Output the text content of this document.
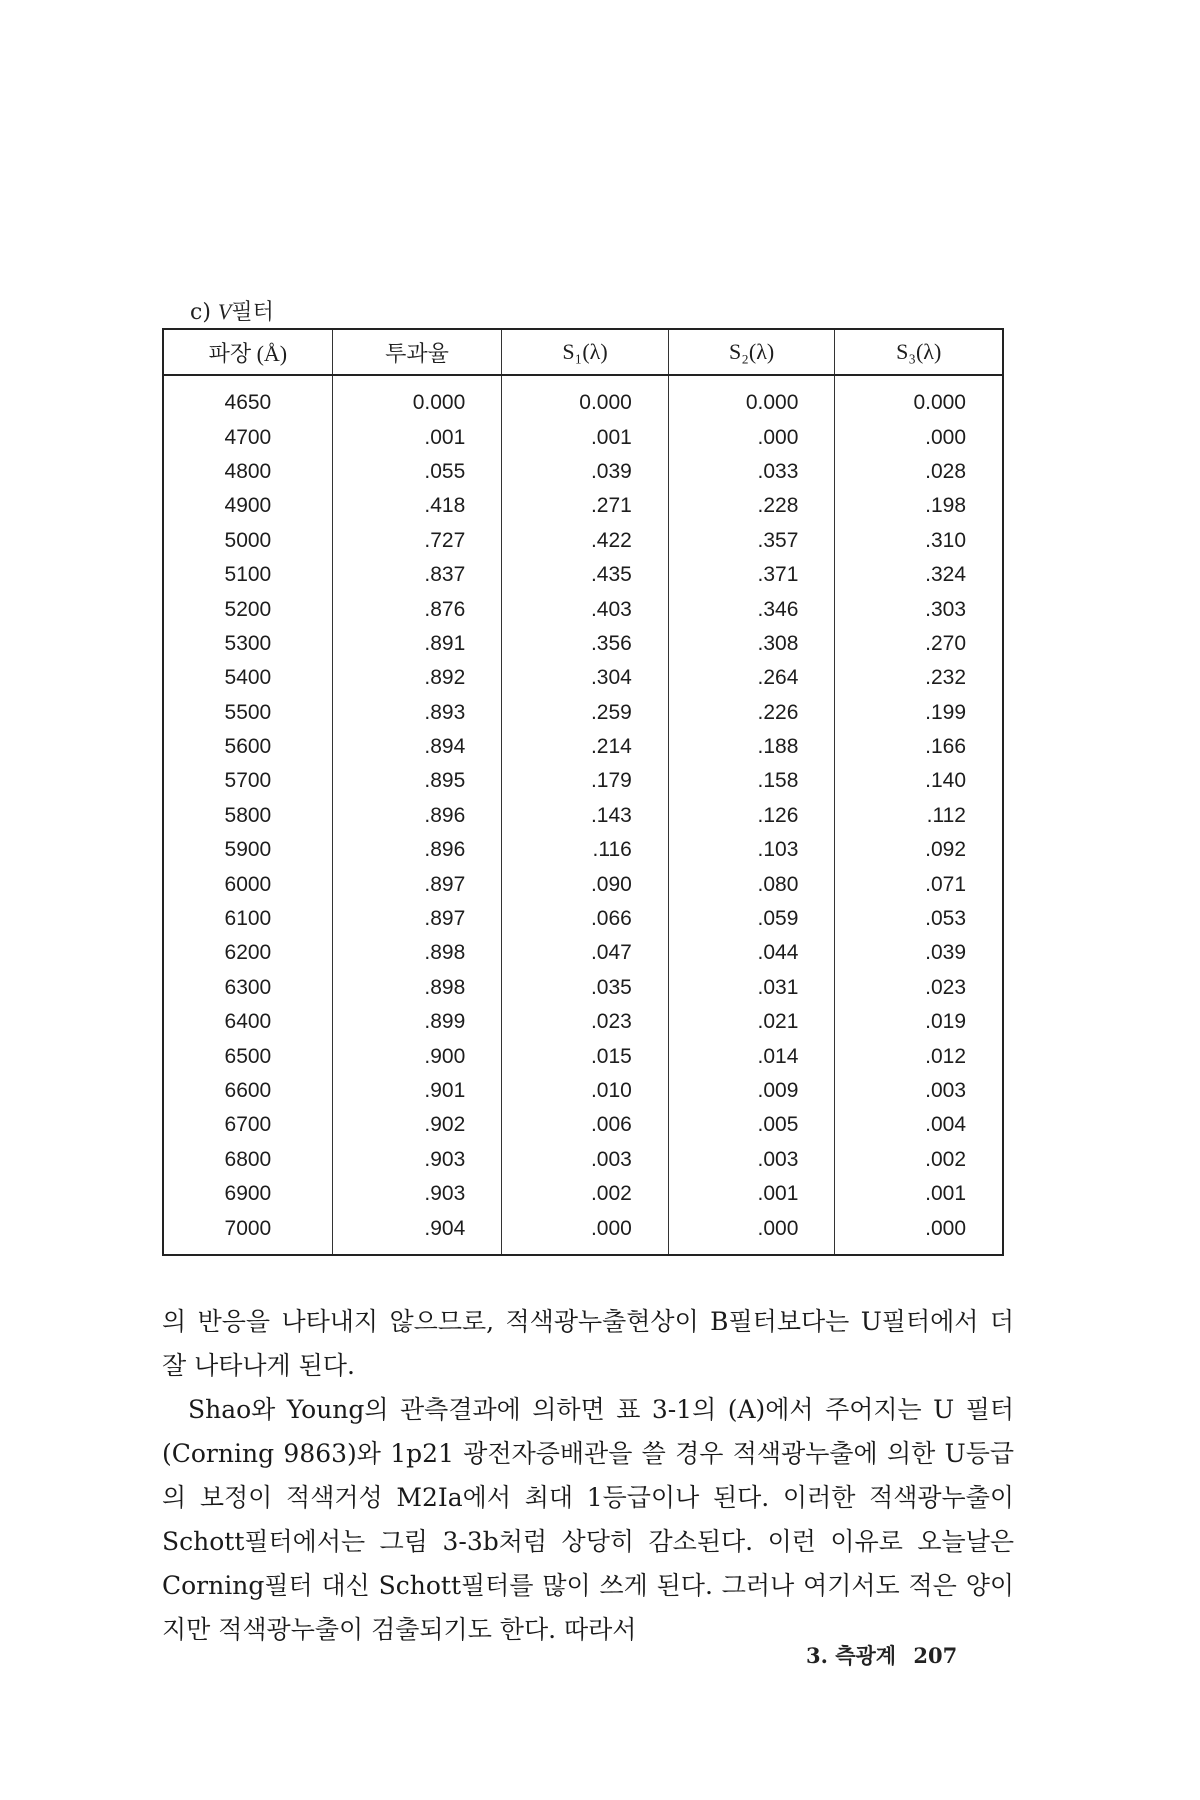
c) V필터
파장 (Å)	투과율	S₁(λ)	S₂(λ)	S₃(λ)
4650	0.000	0.000	0.000	0.000
4700	.001	.001	.000	.000
4800	.055	.039	.033	.028
4900	.418	.271	.228	.198
5000	.727	.422	.357	.310
5100	.837	.435	.371	.324
5200	.876	.403	.346	.303
5300	.891	.356	.308	.270
5400	.892	.304	.264	.232
5500	.893	.259	.226	.199
5600	.894	.214	.188	.166
5700	.895	.179	.158	.140
5800	.896	.143	.126	.112
5900	.896	.116	.103	.092
6000	.897	.090	.080	.071
6100	.897	.066	.059	.053
6200	.898	.047	.044	.039
6300	.898	.035	.031	.023
6400	.899	.023	.021	.019
6500	.900	.015	.014	.012
6600	.901	.010	.009	.003
6700	.902	.006	.005	.004
6800	.903	.003	.003	.002
6900	.903	.002	.001	.001
7000	.904	.000	.000	.000

의 반응을 나타내지 않으므로, 적색광누출현상이 B필터보다는 U필터에서 더 잘 나타나게 된다.

Shao와 Young의 관측결과에 의하면 표 3-1의 (A)에서 주어지는 U 필터(Corning 9863)와 1p21 광전자증배관을 쓸 경우 적색광누출에 의한 U등급의 보정이 적색거성 M2Ia에서 최대 1등급이나 된다. 이러한 적색광누출이 Schott필터에서는 그림 3-3b처럼 상당히 감소된다. 이런 이유로 오늘날은 Corning필터 대신 Schott필터를 많이 쓰게 된다. 그러나 여기서도 적은 양이지만 적색광누출이 검출되기도 한다. 따라서

3. 측광계 207
